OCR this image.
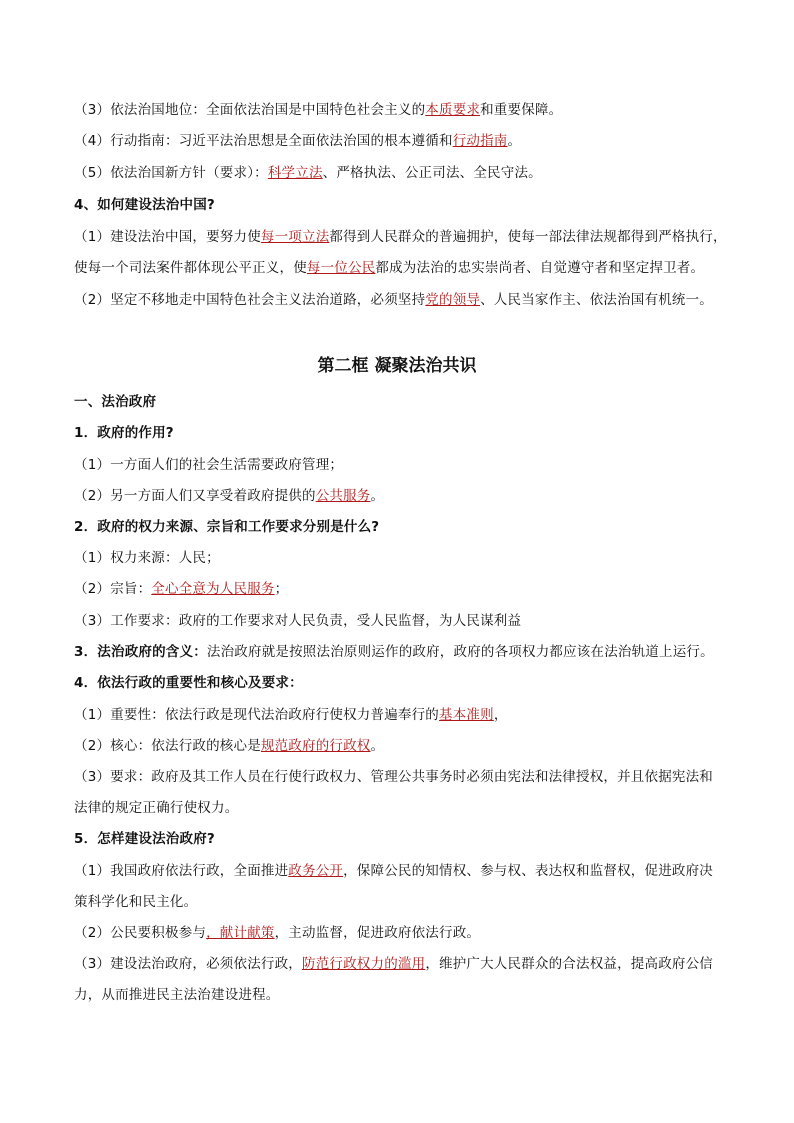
（3）依法治国地位：全面依法治国是中国特色社会主义的本质要求和重要保障。
（4）行动指南：习近平法治思想是全面依法治国的根本遵循和行动指南。
（5）依法治国新方针（要求）：科学立法、严格执法、公正司法、全民守法。
4、如何建设法治中国?
（1）建设法治中国，要努力使每一项立法都得到人民群众的普遍拥护，使每一部法律法规都得到严格执行，
使每一个司法案件都体现公平正义，使每一位公民都成为法治的忠实崇尚者、自觉遵守者和坚定捍卫者。
（2）坚定不移地走中国特色社会主义法治道路，必须坚持党的领导、人民当家作主、依法治国有机统一。
第二框 凝聚法治共识
一、法治政府
1．政府的作用?
（1）一方面人们的社会生活需要政府管理；
（2）另一方面人们又享受着政府提供的公共服务。
2．政府的权力来源、宗旨和工作要求分别是什么?
（1）权力来源：人民；
（2）宗旨：全心全意为人民服务；
（3）工作要求：政府的工作要求对人民负责，受人民监督，为人民谋利益
3．法治政府的含义：法治政府就是按照法治原则运作的政府，政府的各项权力都应该在法治轨道上运行。
4．依法行政的重要性和核心及要求：
（1）重要性：依法行政是现代法治政府行使权力普遍奉行的基本准则，
（2）核心：依法行政的核心是规范政府的行政权。
（3）要求：政府及其工作人员在行使行政权力、管理公共事务时必须由宪法和法律授权，并且依据宪法和
法律的规定正确行使权力。
5．怎样建设法治政府?
（1）我国政府依法行政，全面推进政务公开，保障公民的知情权、参与权、表达权和监督权，促进政府决
策科学化和民主化。
（2）公民要积极参与，献计献策，主动监督，促进政府依法行政。
（3）建设法治政府，必须依法行政，防范行政权力的滥用，维护广大人民群众的合法权益，提高政府公信
力，从而推进民主法治建设进程。
